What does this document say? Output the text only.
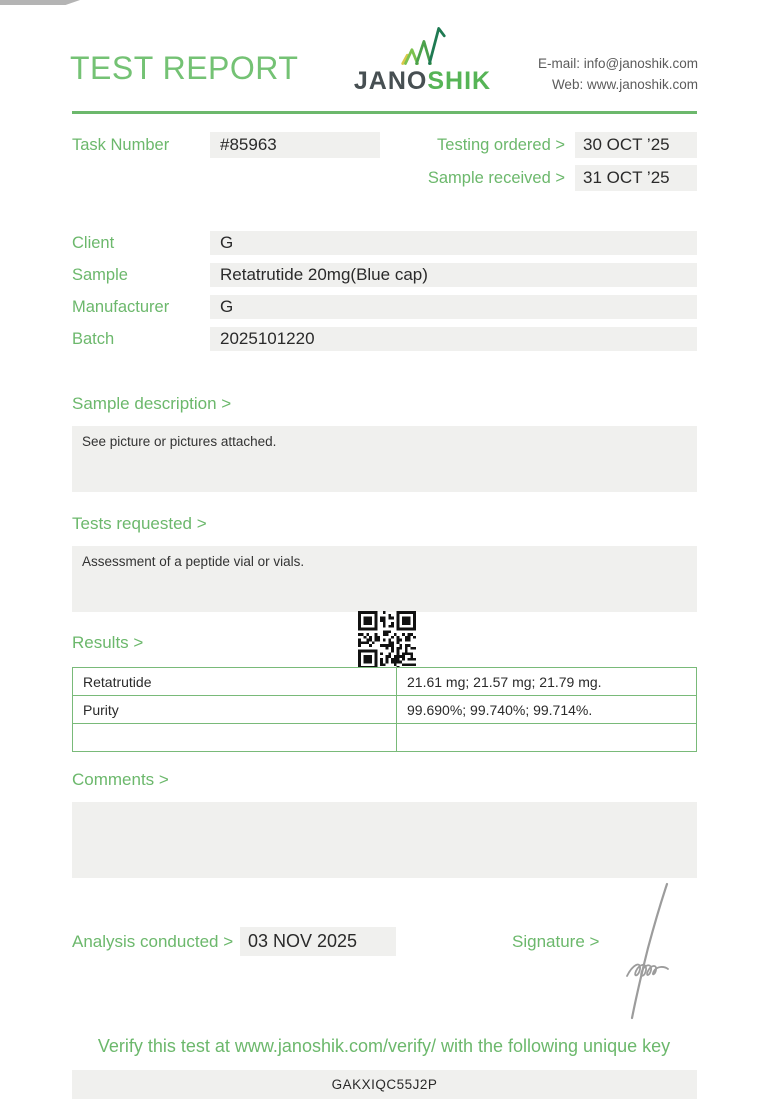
TEST REPORT	JANOSHIK
E-mail: info@janoshik.com
Web: www.janoshik.com
Task Number	#85963	Testing ordered >	30 OCT ’25
Sample received >	31 OCT ’25
Client	G
Sample	Retatrutide 20mg(Blue cap)
Manufacturer	G
Batch	2025101220
Sample description >
See picture or pictures attached.
Tests requested >
Assessment of a peptide vial or vials.
Results >
Retatrutide	21.61 mg; 21.57 mg; 21.79 mg.
Purity	99.690%; 99.740%; 99.714%.

Comments >
Analysis conducted > 03 NOV 2025	Signature >
Verify this test at www.janoshik.com/verify/ with the following unique key
GAKXIQC55J2P
